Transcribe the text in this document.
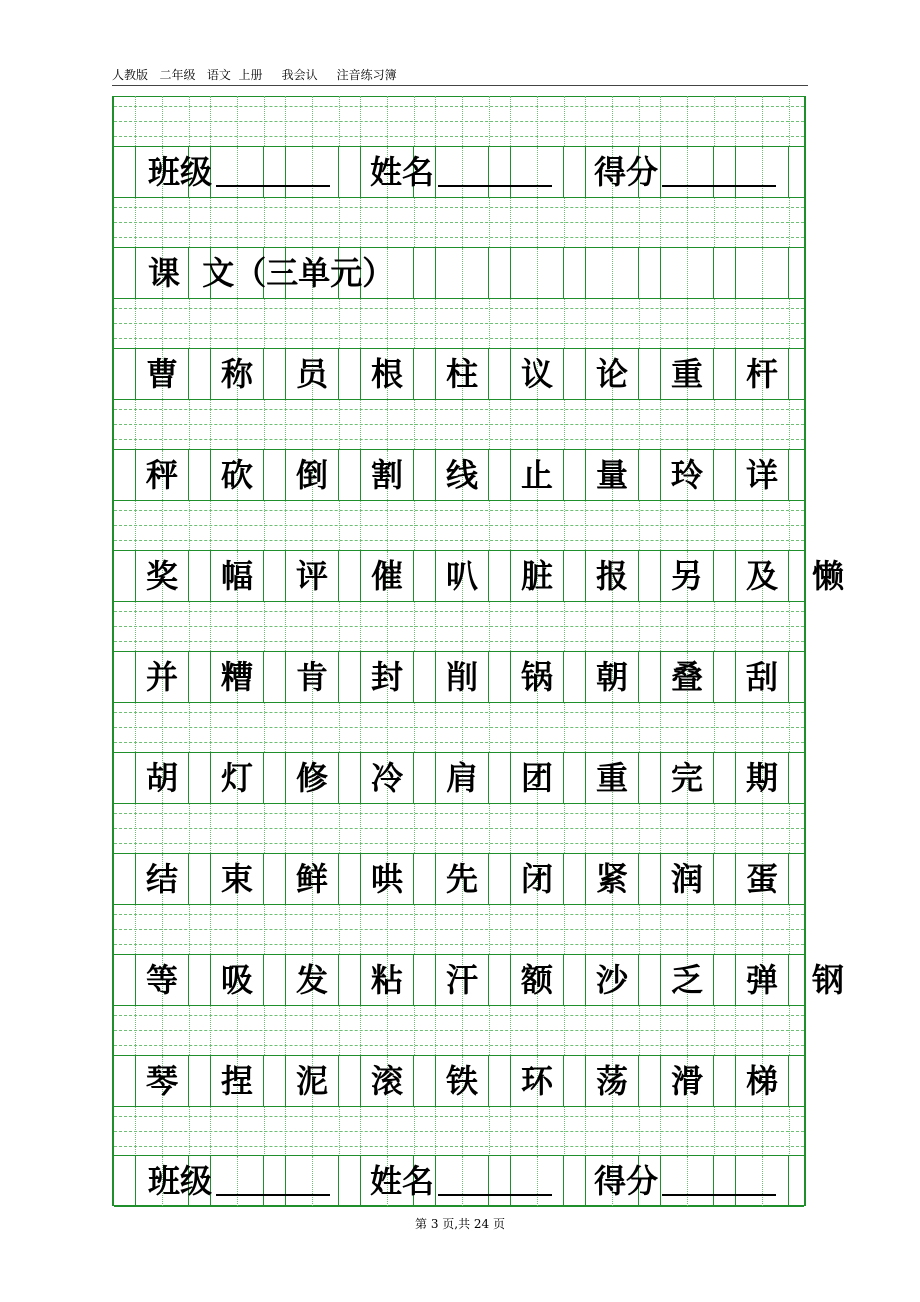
人教版   二年级   语文  上册     我会认     注音练习簿
班级	姓名	得分
课  文（三单元）
曹	称	员	根	柱	议	论	重	杆
秤	砍	倒	割	线	止	量	玲	详
奖	幅	评	催	叭	脏	报	另	及	懒
并	糟	肯	封	削	锅	朝	叠	刮
胡	灯	修	冷	肩	团	重	完	期
结	束	鲜	哄	先	闭	紧	润	蛋
等	吸	发	粘	汗	额	沙	乏	弹	钢
琴	捏	泥	滚	铁	环	荡	滑	梯
班级	姓名	得分
第 3 页,共 24 页
